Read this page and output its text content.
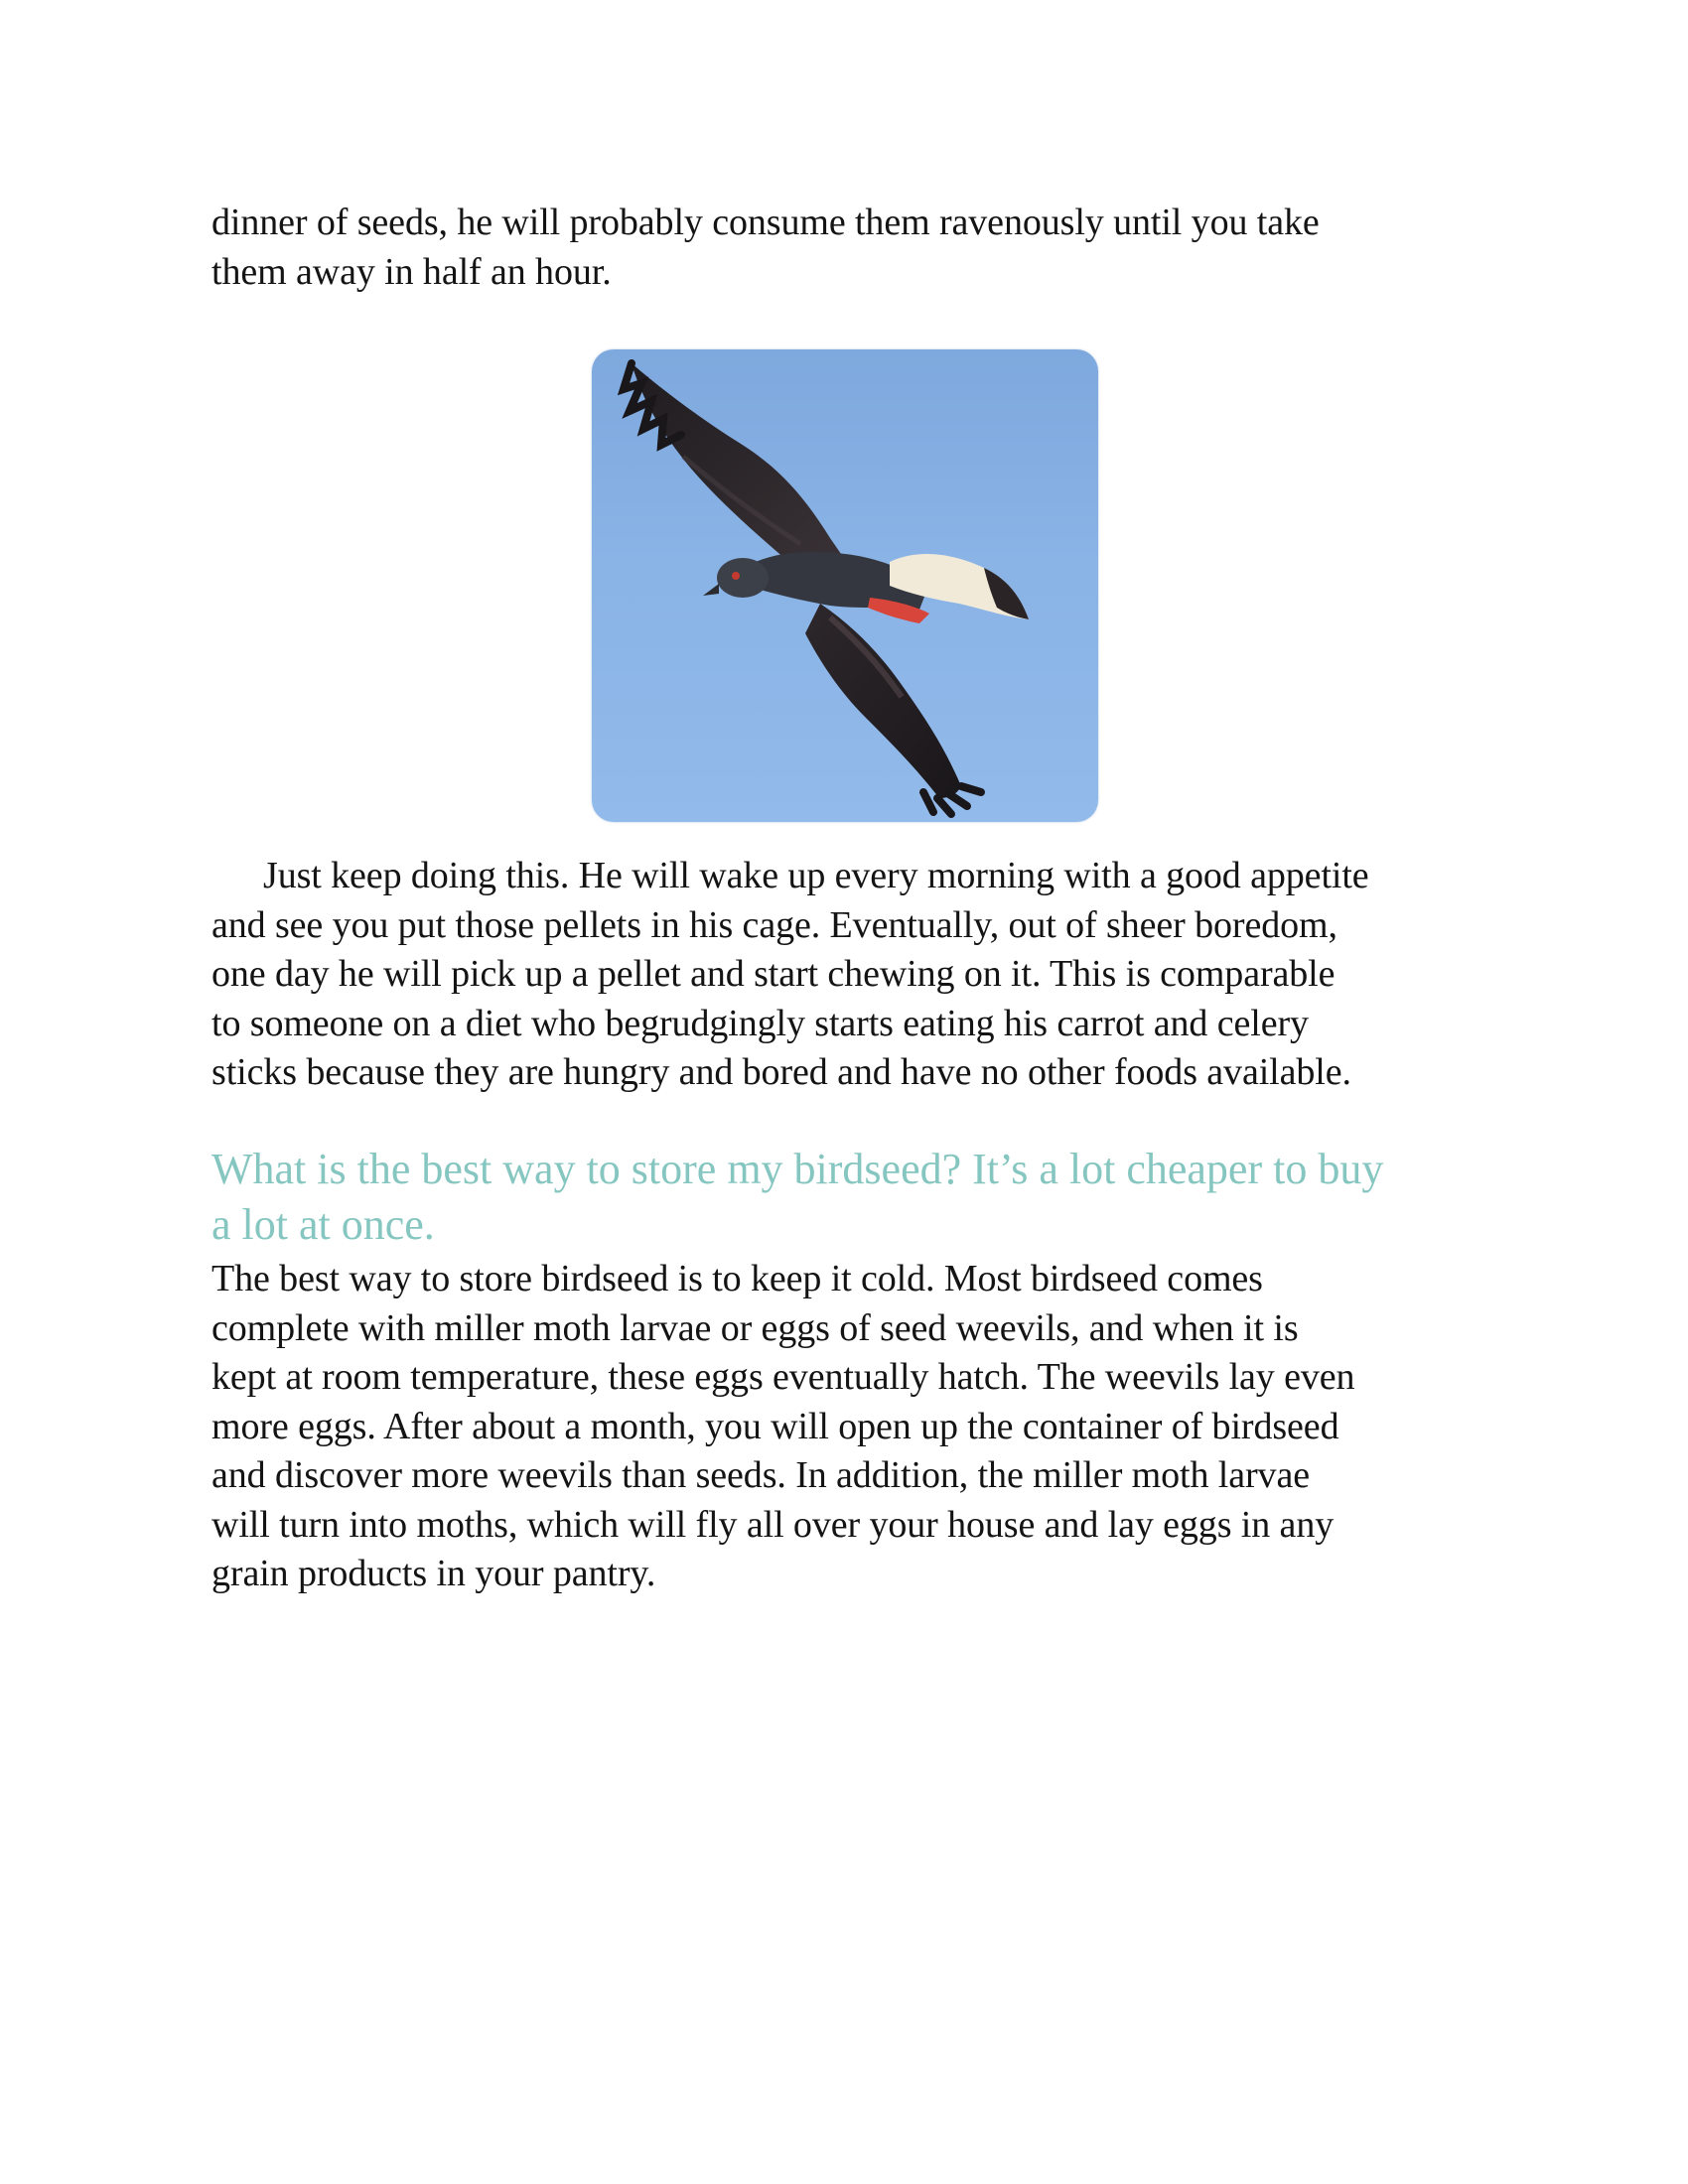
dinner of seeds, he will probably consume them ravenously until you take
them away in half an hour.

Just keep doing this. He will wake up every morning with a good appetite
and see you put those pellets in his cage. Eventually, out of sheer boredom,
one day he will pick up a pellet and start chewing on it. This is comparable
to someone on a diet who begrudgingly starts eating his carrot and celery
sticks because they are hungry and bored and have no other foods available.

What is the best way to store my birdseed? It’s a lot cheaper to buy
a lot at once.

The best way to store birdseed is to keep it cold. Most birdseed comes
complete with miller moth larvae or eggs of seed weevils, and when it is
kept at room temperature, these eggs eventually hatch. The weevils lay even
more eggs. After about a month, you will open up the container of birdseed
and discover more weevils than seeds. In addition, the miller moth larvae
will turn into moths, which will fly all over your house and lay eggs in any
grain products in your pantry.
